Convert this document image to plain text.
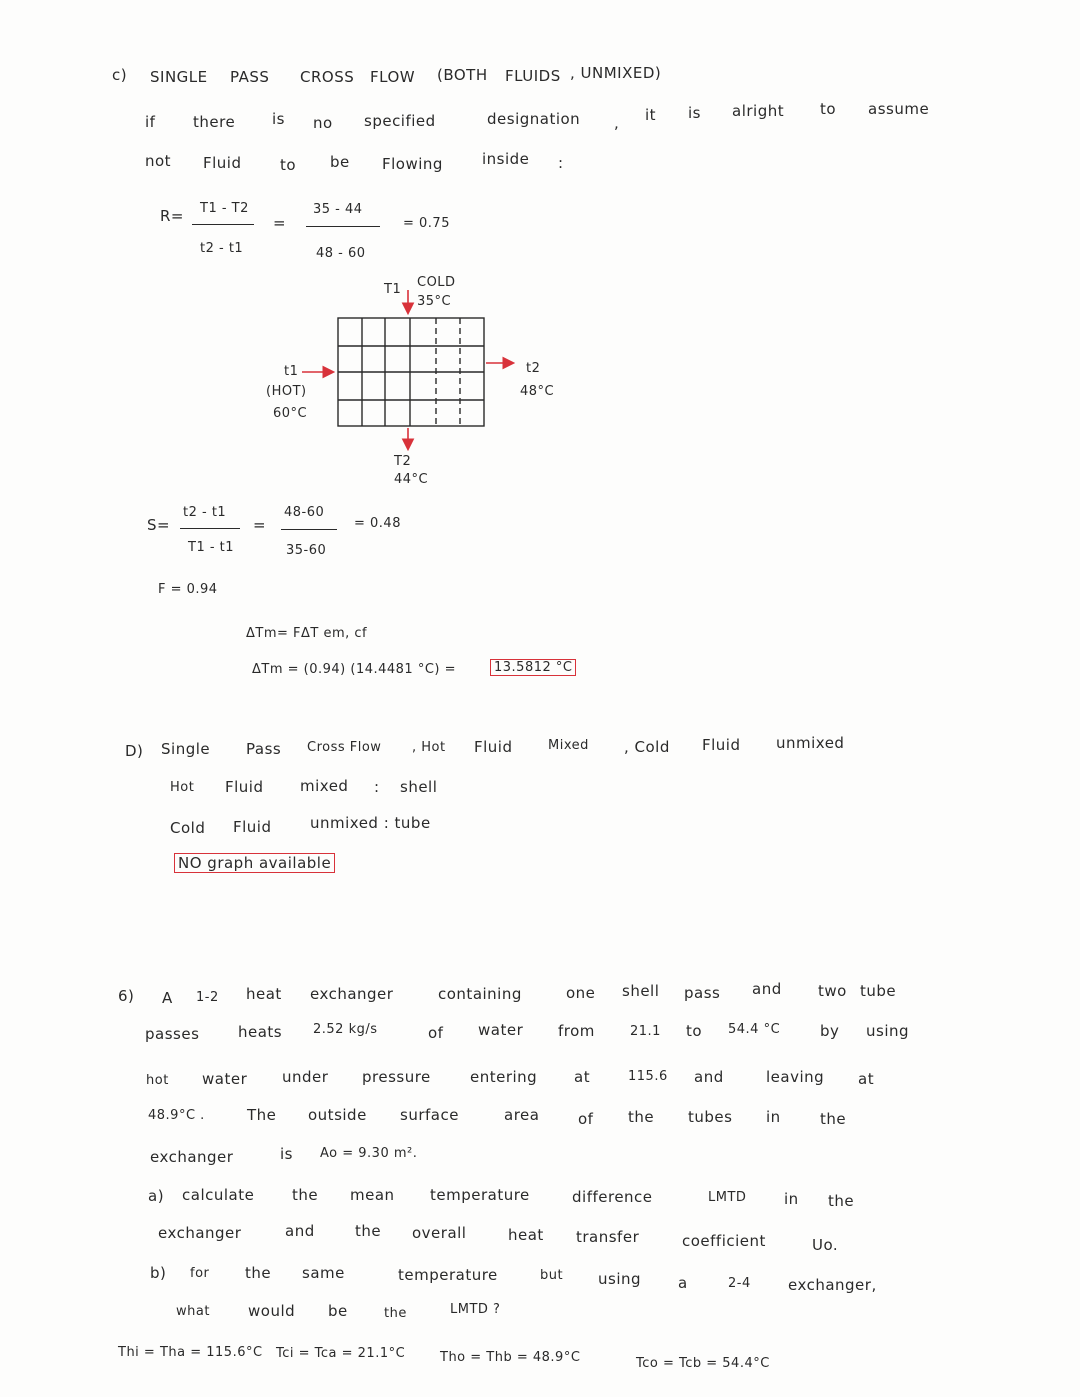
c) SINGLE PASS CROSS FLOW (BOTH FLUIDS , UNMIXED)
if	there is no specified	designation , it is alright to assume
not Fluid	to be Flowing	inside :
R= T1 - T2
t2 - t1
=
35 - 44
48 - 60
= 0.75
T1 COLD
35°C
t1
(HOT)
60°C
t2
48°C
T2
44°C
S=
t2 - t1
T1 - t1
=
48-60
35-60
= 0.48
F = 0.94
ΔTm= FΔT em, cf
ΔTm = (0.94) (14.4481 °C) =	13.5812 °C
D) Single Pass Cross Flow , Hot Fluid	Mixed , Cold Fluid unmixed
Hot Fluid mixed : shell
Cold Fluid	unmixed : tube
NO graph available
6) A 1-2 heat exchanger	containing	one shell pass and two tube
passes	heats 2.52 kg/s	of water from	21.1 to 54.4 °C	by using
hot water under pressure	entering at	115.6 and	leaving at
48.9°C .	The outside surface	area	of the tubes in	the
exchanger	is Ao = 9.30 m².
a) calculate	the mean temperature	difference	LMTD	in the
exchanger	and	the overall	heat transfer	coefficient	Uo.
b) for the same	temperature	but using a	2-4 exchanger,
what	would be	the	LMTD ?
Thi = Tha = 115.6°C Tci = Tca = 21.1°C	Tho = Thb = 48.9°C	Tco = Tcb = 54.4°C
